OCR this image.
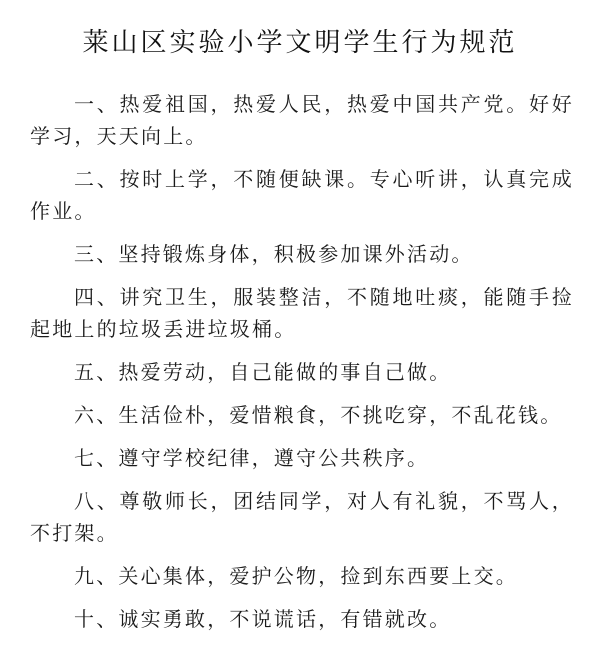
莱山区实验小学文明学生行为规范

一、热爱祖国，热爱人民，热爱中国共产党。好好学习，天天向上。

二、按时上学，不随便缺课。专心听讲，认真完成作业。

三、坚持锻炼身体，积极参加课外活动。

四、讲究卫生，服装整洁，不随地吐痰，能随手捡起地上的垃圾丢进垃圾桶。

五、热爱劳动，自己能做的事自己做。

六、生活俭朴，爱惜粮食，不挑吃穿，不乱花钱。

七、遵守学校纪律，遵守公共秩序。

八、尊敬师长，团结同学，对人有礼貌，不骂人，不打架。

九、关心集体，爱护公物，捡到东西要上交。

十、诚实勇敢，不说谎话，有错就改。
